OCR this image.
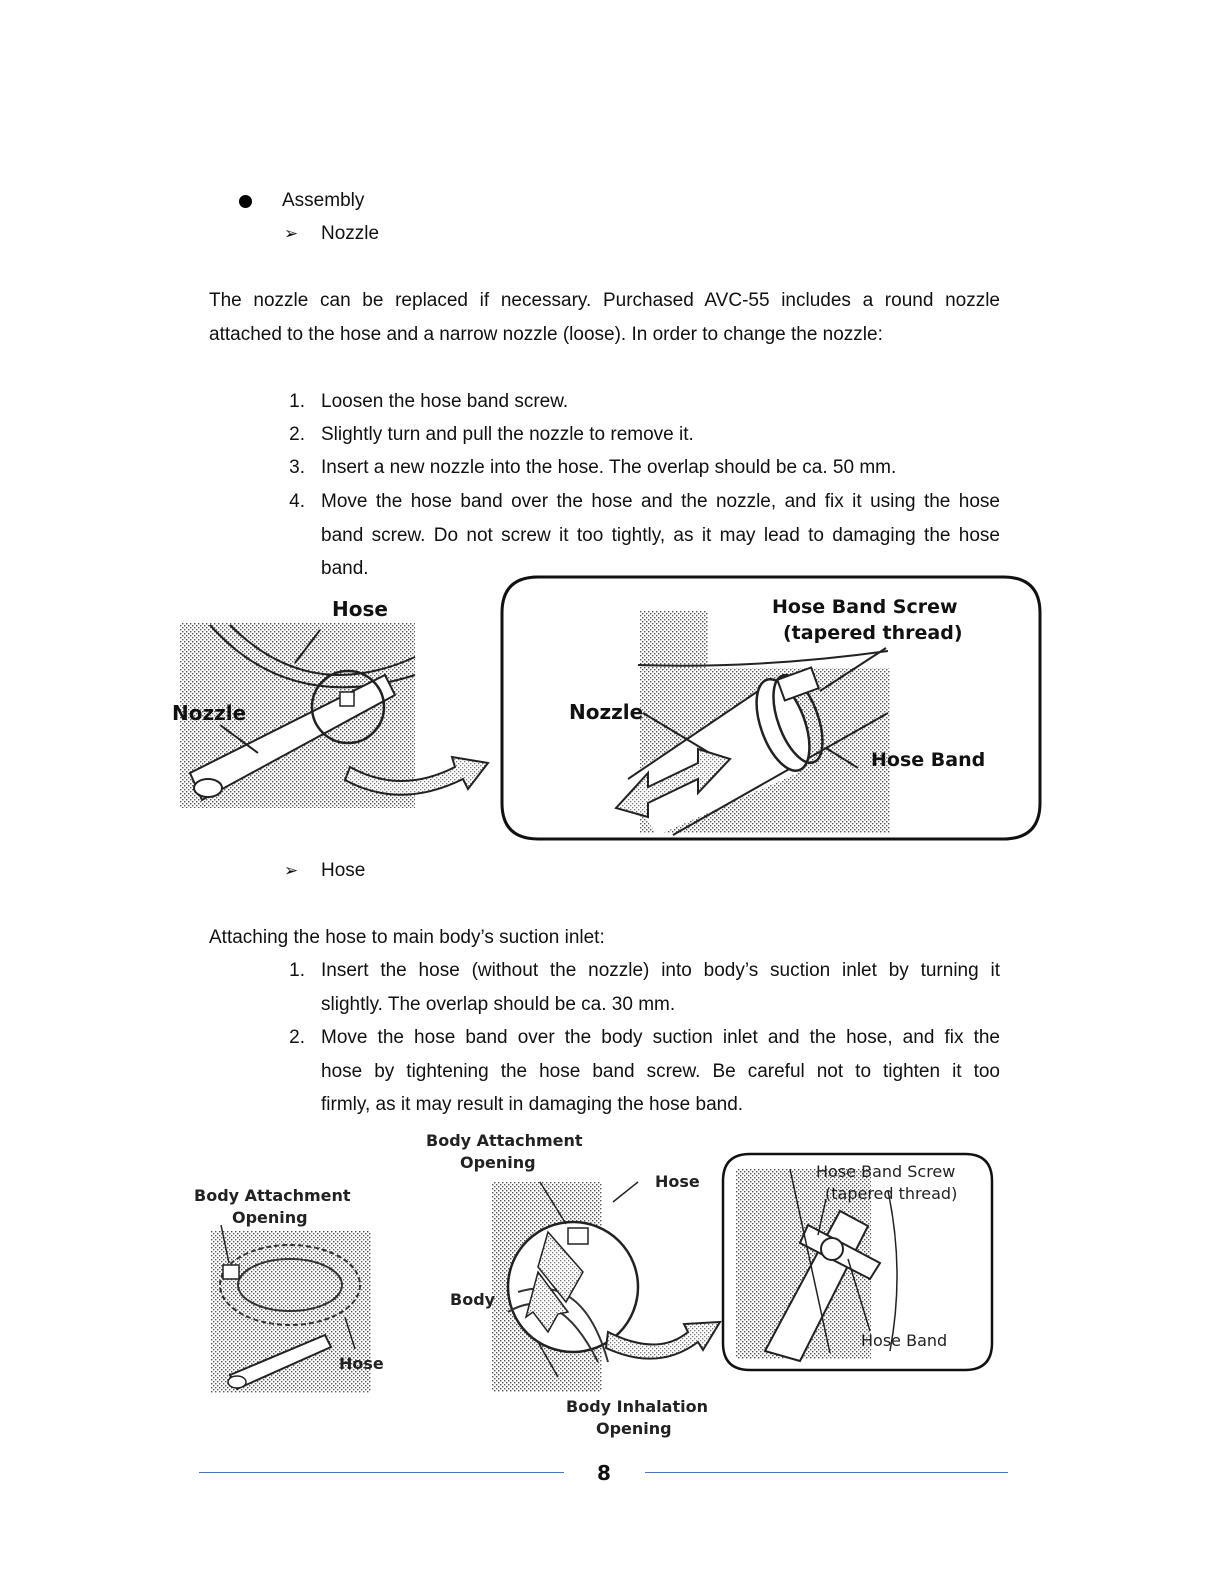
Assembly
➢ Nozzle
The nozzle can be replaced if necessary. Purchased AVC-55 includes a round nozzle
attached to the hose and a narrow nozzle (loose). In order to change the nozzle:
1. Loosen the hose band screw.
2. Slightly turn and pull the nozzle to remove it.
3. Insert a new nozzle into the hose. The overlap should be ca. 50 mm.
4. Move the hose band over the hose and the nozzle, and fix it using the hose
band screw. Do not screw it too tightly, as it may lead to damaging the hose
band.
Hose
Nozzle
Hose Band Screw
(tapered thread)
Nozzle
Hose Band
➢ Hose
Attaching the hose to main body’s suction inlet:
1. Insert the hose (without the nozzle) into body’s suction inlet by turning it
slightly. The overlap should be ca. 30 mm.
2. Move the hose band over the body suction inlet and the hose, and fix the
hose by tightening the hose band screw. Be careful not to tighten it too
firmly, as it may result in damaging the hose band.
Body Attachment
Opening
Hose
Body Attachment
Opening
Hose
Body
Body Inhalation
Opening
Hose Band Screw
(tapered thread)
Hose Band
8
